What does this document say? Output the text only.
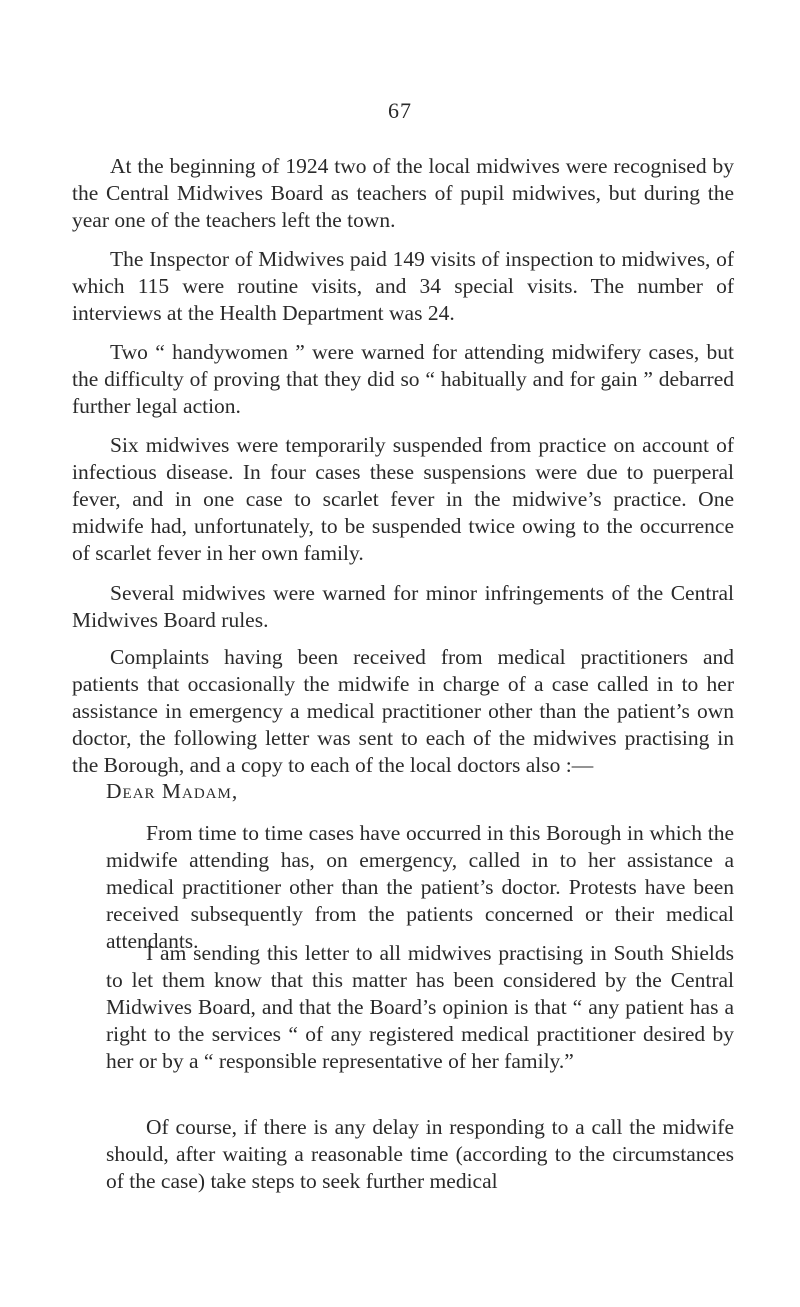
67

At the beginning of 1924 two of the local midwives were recognised by the Central Midwives Board as teachers of pupil midwives, but during the year one of the teachers left the town.

The Inspector of Midwives paid 149 visits of inspection to midwives, of which 115 were routine visits, and 34 special visits. The number of interviews at the Health Department was 24.

Two “ handywomen ” were warned for attending midwifery cases, but the difficulty of proving that they did so “ habitually and for gain ” debarred further legal action.

Six midwives were temporarily suspended from practice on account of infectious disease. In four cases these suspensions were due to puerperal fever, and in one case to scarlet fever in the midwive’s practice. One midwife had, unfortunately, to be suspended twice owing to the occurrence of scarlet fever in her own family.

Several midwives were warned for minor infringements of the Central Midwives Board rules.

Complaints having been received from medical practitioners and patients that occasionally the midwife in charge of a case called in to her assistance in emergency a medical practitioner other than the patient’s own doctor, the following letter was sent to each of the midwives practising in the Borough, and a copy to each of the local doctors also :—

Dear Madam,

From time to time cases have occurred in this Borough in which the midwife attending has, on emergency, called in to her assistance a medical practitioner other than the patient’s doctor. Protests have been received subsequently from the patients concerned or their medical attendants.

I am sending this letter to all midwives practising in South Shields to let them know that this matter has been considered by the Central Midwives Board, and that the Board’s opinion is that “ any patient has a right to the services “ of any registered medical practitioner desired by her or by a “ responsible representative of her family.”

Of course, if there is any delay in responding to a call the midwife should, after waiting a reasonable time (according to the circumstances of the case) take steps to seek further medical
